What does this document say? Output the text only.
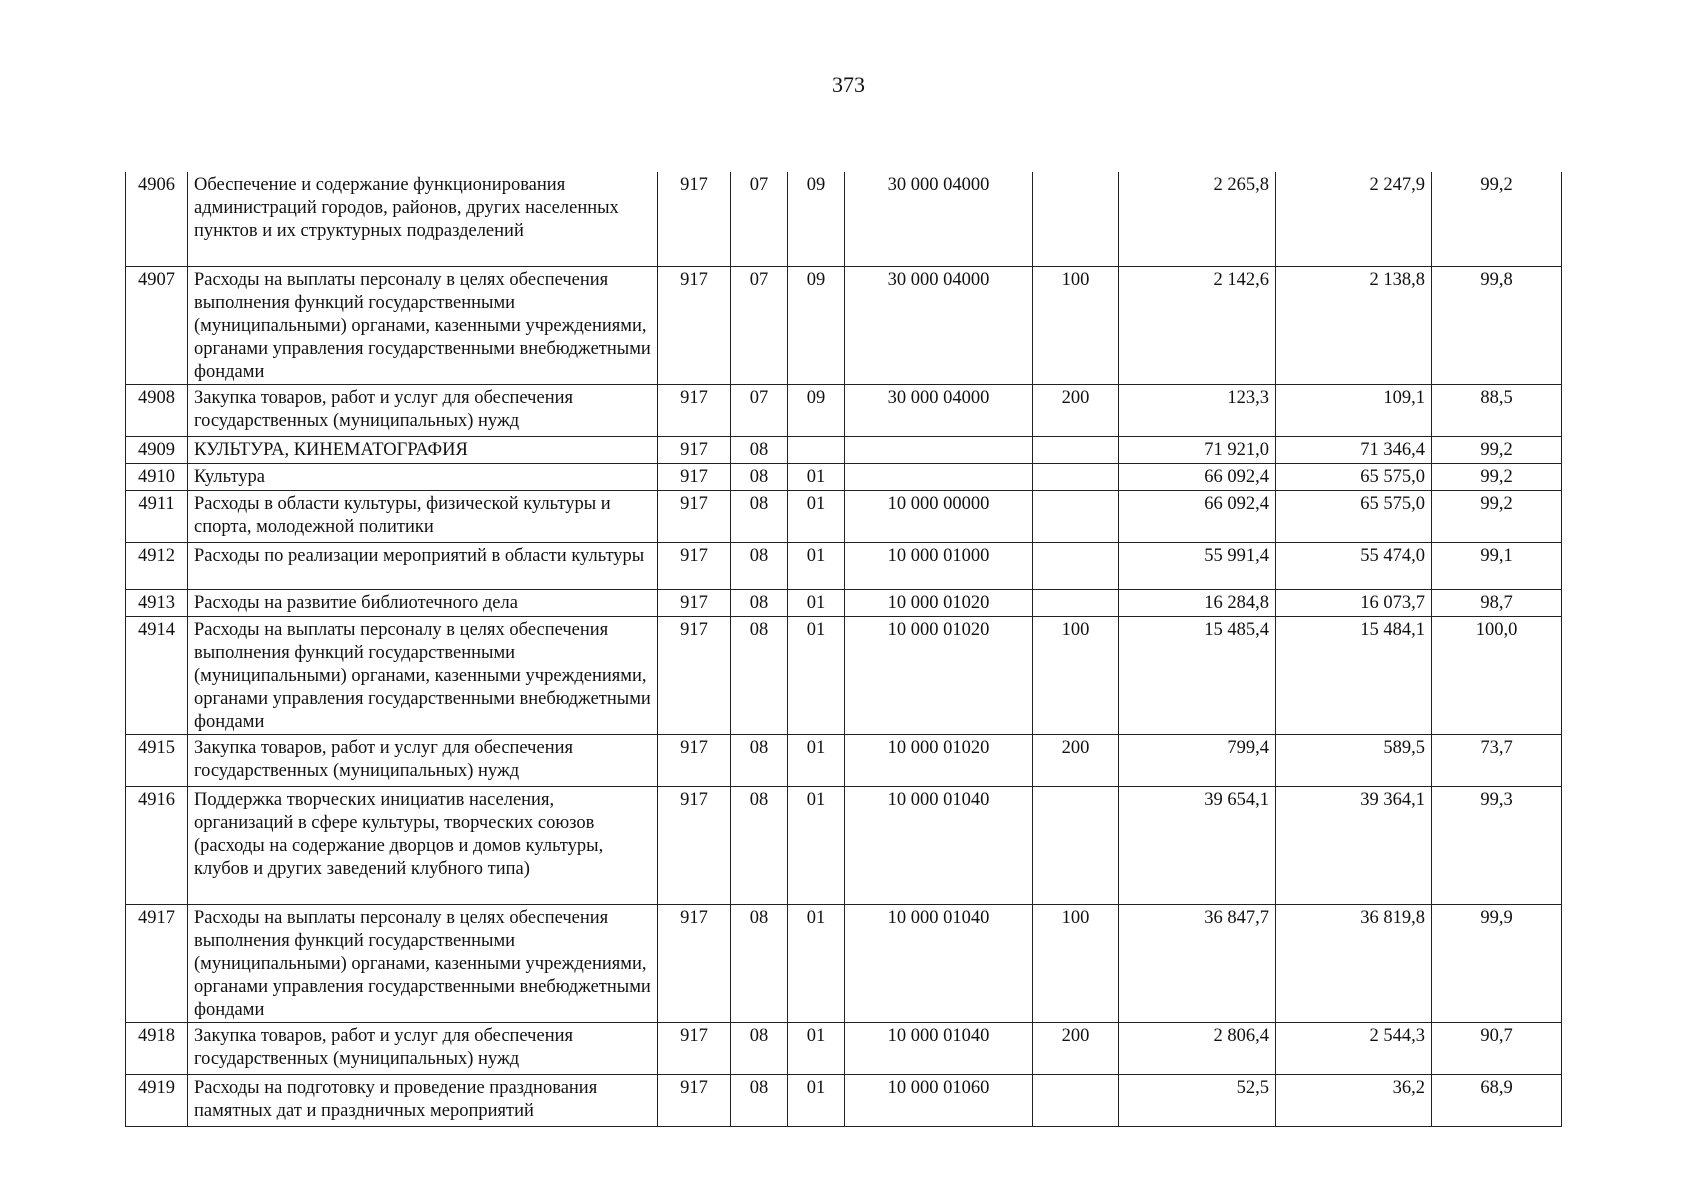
373
4906	Обеспечение и содержание функционирования администраций городов, районов, других населенных пунктов и их структурных подразделений	917	07	09	30 000 04000		2 265,8	2 247,9	99,2
4907	Расходы на выплаты персоналу в целях обеспечения выполнения функций государственными (муниципальными) органами, казенными учреждениями, органами управления государственными внебюджетными фондами	917	07	09	30 000 04000	100	2 142,6	2 138,8	99,8
4908	Закупка товаров, работ и услуг для обеспечения государственных (муниципальных) нужд	917	07	09	30 000 04000	200	123,3	109,1	88,5
4909	КУЛЬТУРА, КИНЕМАТОГРАФИЯ	917	08				71 921,0	71 346,4	99,2
4910	Культура	917	08	01			66 092,4	65 575,0	99,2
4911	Расходы в области культуры, физической культуры и спорта, молодежной политики	917	08	01	10 000 00000		66 092,4	65 575,0	99,2
4912	Расходы по реализации мероприятий в области культуры	917	08	01	10 000 01000		55 991,4	55 474,0	99,1
4913	Расходы на развитие библиотечного дела	917	08	01	10 000 01020		16 284,8	16 073,7	98,7
4914	Расходы на выплаты персоналу в целях обеспечения выполнения функций государственными (муниципальными) органами, казенными учреждениями, органами управления государственными внебюджетными фондами	917	08	01	10 000 01020	100	15 485,4	15 484,1	100,0
4915	Закупка товаров, работ и услуг для обеспечения государственных (муниципальных) нужд	917	08	01	10 000 01020	200	799,4	589,5	73,7
4916	Поддержка творческих инициатив населения, организаций в сфере культуры, творческих союзов (расходы на содержание дворцов и домов культуры, клубов и других заведений клубного типа)	917	08	01	10 000 01040		39 654,1	39 364,1	99,3
4917	Расходы на выплаты персоналу в целях обеспечения выполнения функций государственными (муниципальными) органами, казенными учреждениями, органами управления государственными внебюджетными фондами	917	08	01	10 000 01040	100	36 847,7	36 819,8	99,9
4918	Закупка товаров, работ и услуг для обеспечения государственных (муниципальных) нужд	917	08	01	10 000 01040	200	2 806,4	2 544,3	90,7
4919	Расходы на подготовку и проведение празднования памятных дат и праздничных мероприятий	917	08	01	10 000 01060		52,5	36,2	68,9
